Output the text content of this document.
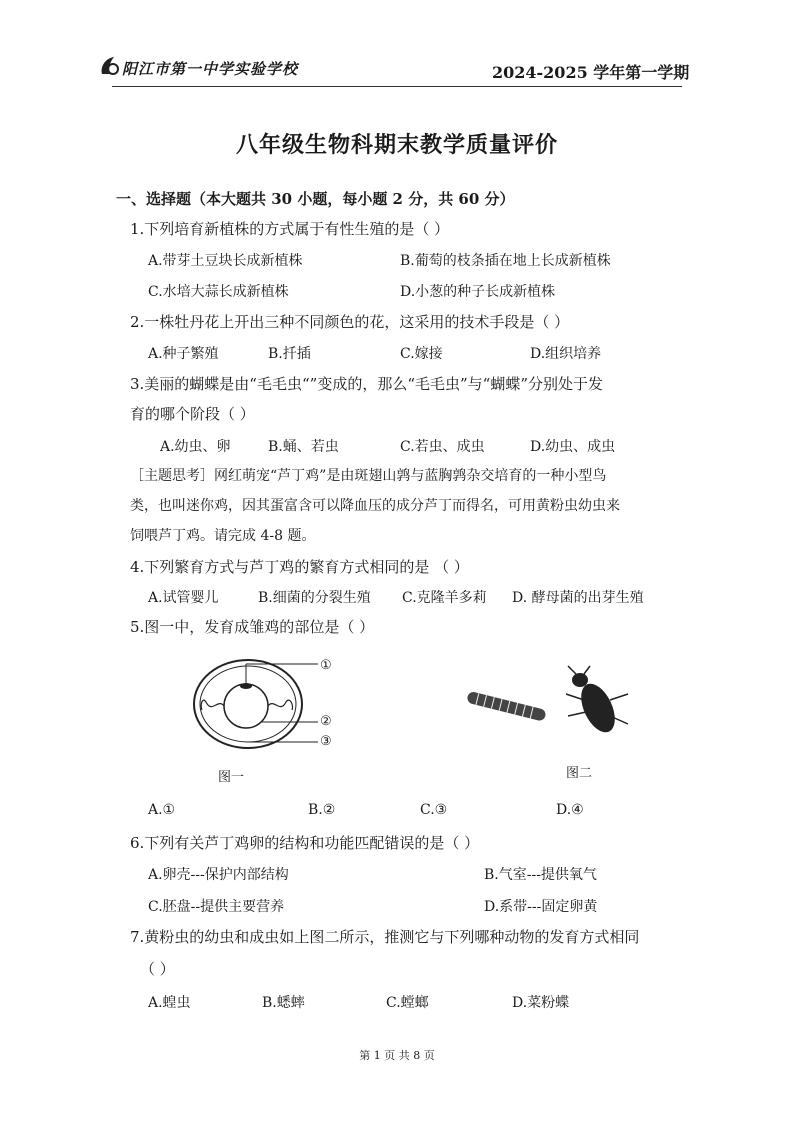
阳江市第一中学实验学校	2024-2025 学年第一学期
八年级生物科期末教学质量评价
一、选择题（本大题共 30 小题，每小题 2 分，共 60 分）
1.下列培育新植株的方式属于有性生殖的是（ ）
A.带芽土豆块长成新植株	B.葡萄的枝条插在地上长成新植株
C.水培大蒜长成新植株	D.小葱的种子长成新植株
2.一株牡丹花上开出三种不同颜色的花，这采用的技术手段是（ ）
A.种子繁殖	B.扦插	C.嫁接	D.组织培养
3.美丽的蝴蝶是由“毛毛虫“”变成的，那么“毛毛虫”与“蝴蝶”分别处于发
育的哪个阶段（ ）
A.幼虫、卵	B.蛹、若虫	C.若虫、成虫	D.幼虫、成虫
［主题思考］网红萌宠“芦丁鸡”是由斑翅山鹑与蓝胸鹑杂交培育的一种小型鸟
类，也叫迷你鸡，因其蛋富含可以降血压的成分芦丁而得名，可用黄粉虫幼虫来
饲喂芦丁鸡。请完成 4-8 题。
4.下列繁育方式与芦丁鸡的繁育方式相同的是 （ ）
A.试管婴儿	B.细菌的分裂生殖 C.克隆羊多莉 D. 酵母菌的出芽生殖
5.图一中，发育成雏鸡的部位是（ ）
①
②
③
图一	图二
A.①	B.②	C.③	D.④
6.下列有关芦丁鸡卵的结构和功能匹配错误的是（ ）
A.卵壳---保护内部结构	B.气室---提供氧气
C.胚盘--提供主要营养	D.系带---固定卵黄
7.黄粉虫的幼虫和成虫如上图二所示，推测它与下列哪种动物的发育方式相同
（ ）
A.蝗虫	B.蟋蟀	C.螳螂	D.菜粉蝶
第 1 页 共 8 页
